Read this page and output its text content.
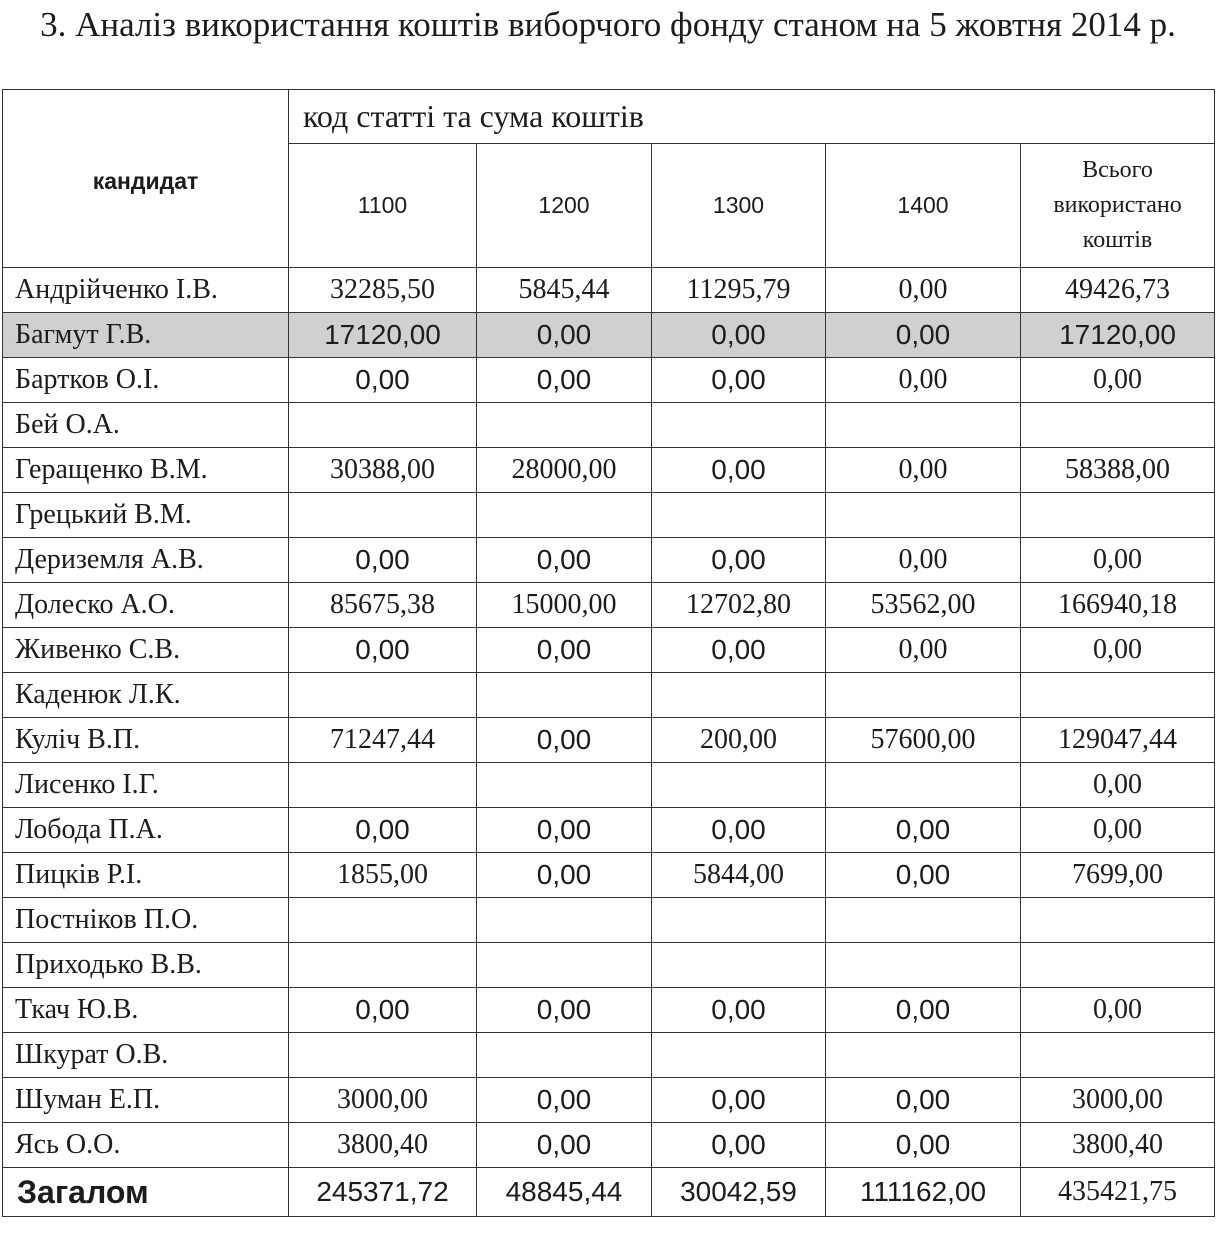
3. Аналіз використання коштів виборчого фонду станом на 5 жовтня 2014 р.
кандидат	код статті та сума коштів				
	1100	1200	1300	1400	Всього використано коштів
Андрійченко І.В.	32285,50	5845,44	11295,79	0,00	49426,73
Багмут Г.В.	17120,00	0,00	0,00	0,00	17120,00
Бартков О.І.	0,00	0,00	0,00	0,00	0,00
Бей О.А.					
Геращенко В.М.	30388,00	28000,00	0,00	0,00	58388,00
Грецький В.М.					
Дериземля А.В.	0,00	0,00	0,00	0,00	0,00
Долеско А.О.	85675,38	15000,00	12702,80	53562,00	166940,18
Живенко С.В.	0,00	0,00	0,00	0,00	0,00
Каденюк Л.К.					
Куліч В.П.	71247,44	0,00	200,00	57600,00	129047,44
Лисенко І.Г.					0,00
Лобода П.А.	0,00	0,00	0,00	0,00	0,00
Пицків Р.І.	1855,00	0,00	5844,00	0,00	7699,00
Постніков П.О.					
Приходько В.В.					
Ткач Ю.В.	0,00	0,00	0,00	0,00	0,00
Шкурат О.В.					
Шуман Е.П.	3000,00	0,00	0,00	0,00	3000,00
Ясь О.О.	3800,40	0,00	0,00	0,00	3800,40
Загалом	245371,72	48845,44	30042,59	111162,00	435421,75
